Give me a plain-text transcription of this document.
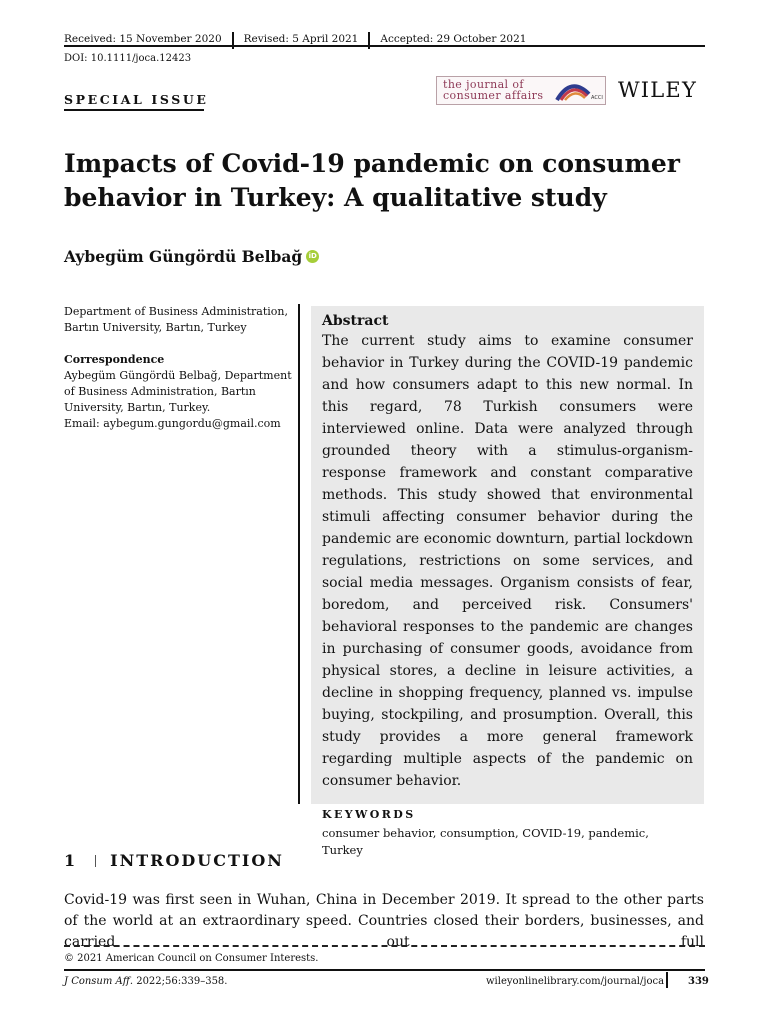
Received: 15 November 2020 Revised: 5 April 2021 Accepted: 29 October 2021
DOI: 10.1111/joca.12423
SPECIAL ISSUE
the journal of
consumer affairs	ACCI WILEY
Impacts of Covid-19 pandemic on consumer behavior in Turkey: A qualitative study
Aybegüm Güngördü Belbağ iD

Department of Business Administration, Bartın University, Bartın, Turkey

Correspondence

Aybegüm Güngördü Belbağ, Department of Business Administration, Bartın University, Bartın, Turkey.

Email: aybegum.gungordu@gmail.com

Abstract

The current study aims to examine consumer behavior in Turkey during the COVID-19 pandemic and how consumers adapt to this new normal. In this regard, 78 Turkish consumers were interviewed online. Data were analyzed through grounded theory with a stimulus-organism-response framework and constant comparative methods. This study showed that environmental stimuli affecting consumer behavior during the pandemic are economic downturn, partial lockdown regulations, restrictions on some services, and social media messages. Organism consists of fear, boredom, and perceived risk. Consumers' behavioral responses to the pandemic are changes in purchasing of consumer goods, avoidance from physical stores, a decline in leisure activities, a decline in shopping frequency, planned vs. impulse buying, stockpiling, and prosumption. Overall, this study provides a more general framework regarding multiple aspects of the pandemic on consumer behavior.

KEYWORDS
consumer behavior, consumption, COVID-19, pandemic, Turkey
1 INTRODUCTION

Covid-19 was first seen in Wuhan, China in December 2019. It spread to the other parts of the world at an extraordinary speed. Countries closed their borders, businesses, and carried out full

© 2021 American Council on Consumer Interests.
J Consum Aff. 2022;56:339–358.	wileyonlinelibrary.com/journal/joca 339
